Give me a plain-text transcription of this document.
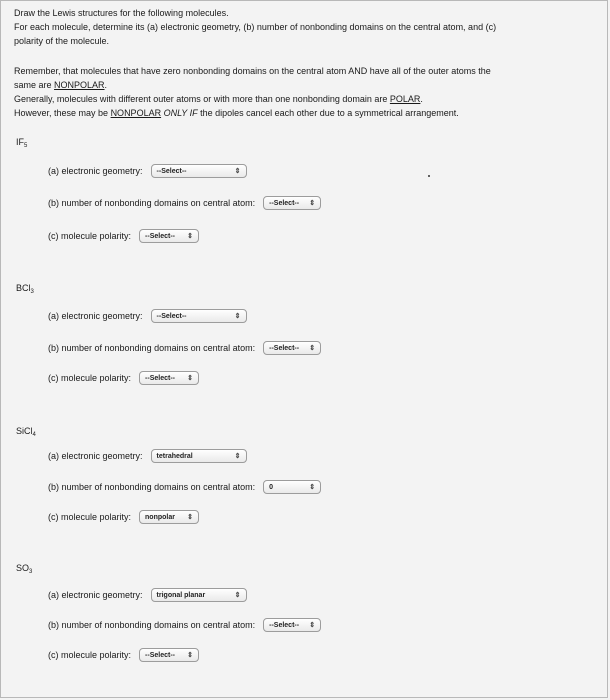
Draw the Lewis structures for the following molecules.

For each molecule, determine its (a) electronic geometry, (b) number of nonbonding domains on the central atom, and (c)

polarity of the molecule.

Remember, that molecules that have zero nonbonding domains on the central atom AND have all of the outer atoms the

same are NONPOLAR.

Generally, molecules with different outer atoms or with more than one nonbonding domain are POLAR.

However, these may be NONPOLAR ONLY IF the dipoles cancel each other due to a symmetrical arrangement.

$IF_5$
(a) electronic geometry: --Select--	⇕
(b) number of nonbonding domains on central atom: --Select-- ⇕
(c) molecule polarity: --Select-- ⇕
BCl$_3$
(a) electronic geometry: --Select--	⇕
(b) number of nonbonding domains on central atom: --Select-- ⇕
(c) molecule polarity: --Select-- ⇕
SiCl$_4$
(a) electronic geometry: tetrahedral	⇕
(b) number of nonbonding domains on central atom: 0	⇕
(c) molecule polarity: nonpolar ⇕
$SO_3$
(a) electronic geometry: trigonal planar	⇕
(b) number of nonbonding domains on central atom: --Select-- ⇕
(c) molecule polarity: --Select-- ⇕
